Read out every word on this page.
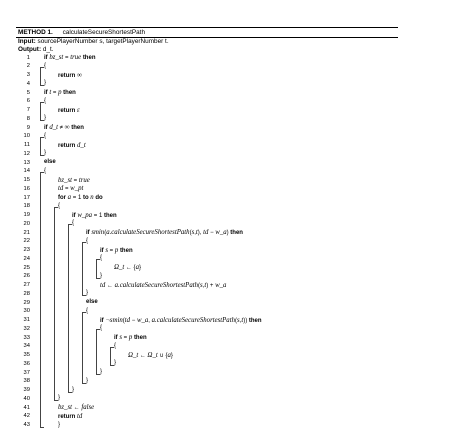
METHOD 1. calculateSecureShortestPath
Input: sourcePlayerNumber s, targetPlayerNumber t.
Output: d_t.
1 if bz_st = true then
2 {
3	return ∞
4 }
5 if t = p then
6 {
7	return ε
8 }
9 if d_t ≠ ∞ then
10 {
11	return d_t
12 }
13 else
14 {
15	bz_st = true
16	td = w_pt
17	for a = 1 to n do
18	{
19	if w_pa = 1 then
20	{
21	if smin(a.calculateSecureShortestPath(s,t), td − w_a) then
22	{
23	if s = p then
24	{
25	Ω_t ← {a}
26	}
27	td ← a.calculateSecureShortestPath(s,t) + w_a
28	}
29	else
30	{
31	if ¬smin(td − w_a, a.calculateSecureShortestPath(s,t)) then
32	{
33	if s = p then
34	{
35	Ω_t ← Ω_t ∪ {a}
36	}
37	}
38	}
39	}
40	}
41	bz_st ← false
42	return td
43	}
